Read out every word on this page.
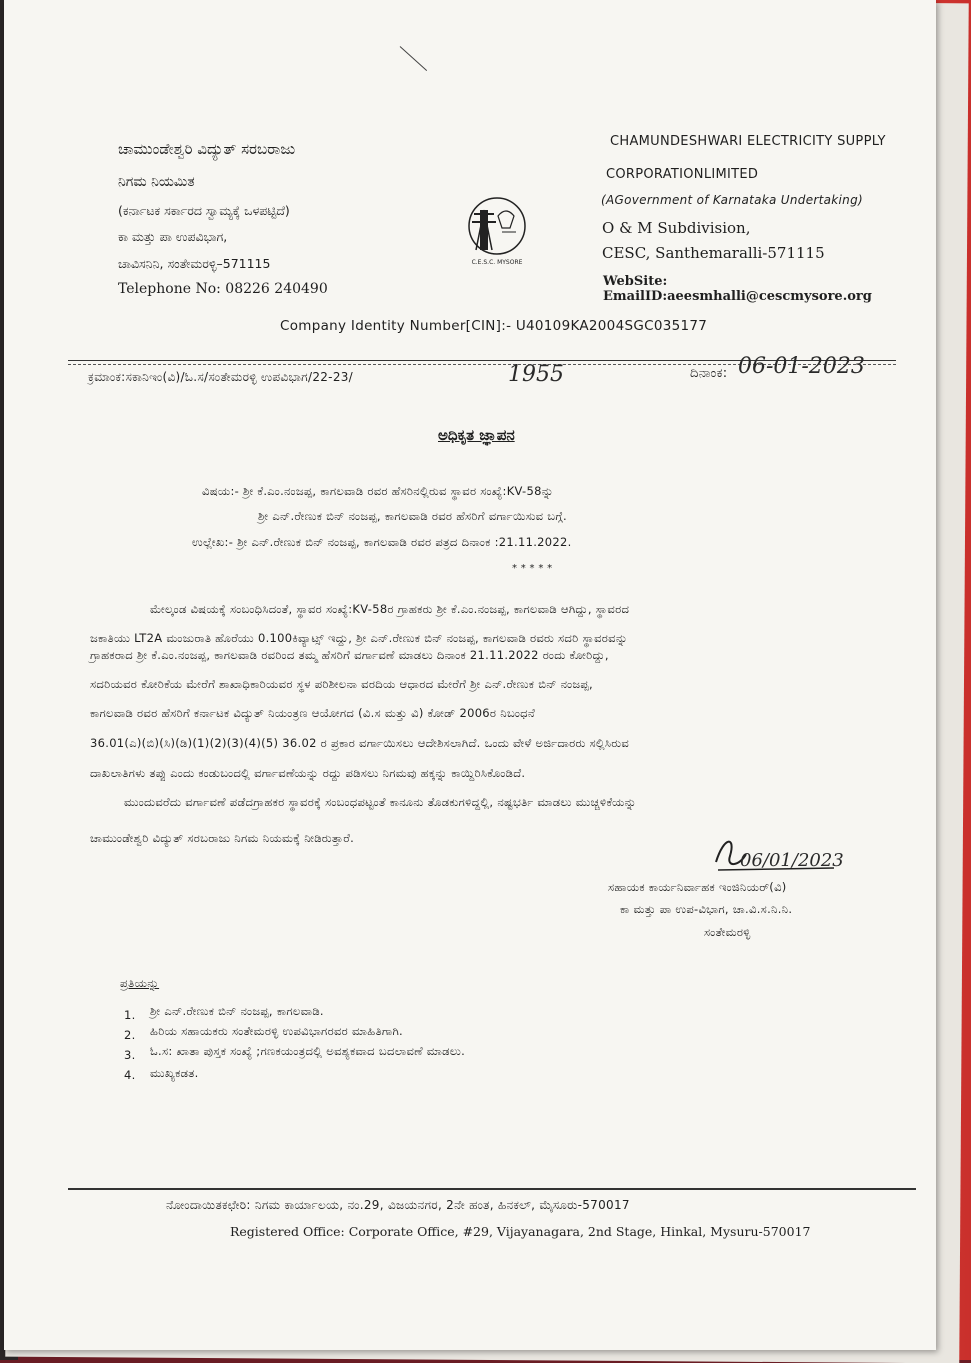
ಚಾಮುಂಡೇಶ್ವರಿ ವಿದ್ಯುತ್ ಸರಬರಾಜು
ನಿಗಮ ನಿಯಮಿತ
(ಕರ್ನಾಟಕ ಸರ್ಕಾರದ ಸ್ವಾಮ್ಯಕ್ಕೆ ಒಳಪಟ್ಟಿದೆ)
ಕಾ ಮತ್ತು ಪಾ ಉಪವಿಭಾಗ,
ಚಾವಿಸನಿನಿ, ಸಂತೇಮರಳ್ಳಿ–571115
Telephone No: 08226 240490
C.E.S.C. MYSORE
CHAMUNDESHWARI ELECTRICITY SUPPLY
CORPORATIONLIMITED
(AGovernment of Karnataka Undertaking)
O & M Subdivision,
CESC, Santhemaralli-571115
WebSite:
EmailID:aeesmhalli@cescmysore.org
Company Identity Number[CIN]:- U40109KA2004SGC035177
ಕ್ರಮಾಂಕ:ಸಕಾನಿಇಂ(ವಿ)/ಓ.ಸ/ಸಂತೇಮರಳ್ಳಿ ಉಪವಿಭಾಗ/22-23/	1955	ದಿನಾಂಕ: 06-01-2023
ಅಧಿಕೃತ ಜ್ಞಾಪನ
ವಿಷಯ:- ಶ್ರೀ ಕೆ.ಎಂ.ನಂಜಪ್ಪ, ಕಾಗಲವಾಡಿ ರವರ ಹೆಸರಿನಲ್ಲಿರುವ ಸ್ಥಾವರ ಸಂಖ್ಯೆ:KV-58ನ್ನು
ಶ್ರೀ ಎನ್.ರೇಣುಕ ಬಿನ್ ನಂಜಪ್ಪ, ಕಾಗಲವಾಡಿ ರವರ ಹೆಸರಿಗೆ ವರ್ಗಾಯಿಸುವ ಬಗ್ಗೆ.
ಉಲ್ಲೇಖ:- ಶ್ರೀ ಎನ್.ರೇಣುಕ ಬಿನ್ ನಂಜಪ್ಪ, ಕಾಗಲವಾಡಿ ರವರ ಪತ್ರದ ದಿನಾಂಕ :21.11.2022.
* * * * *
ಮೇಲ್ಕಂಡ ವಿಷಯಕ್ಕೆ ಸಂಬಂಧಿಸಿದಂತೆ, ಸ್ಥಾವರ ಸಂಖ್ಯೆ:KV-58ರ ಗ್ರಾಹಕರು ಶ್ರೀ ಕೆ.ಎಂ.ನಂಜಪ್ಪ, ಕಾಗಲವಾಡಿ ಆಗಿದ್ದು, ಸ್ಥಾವರದ
ಜಕಾತಿಯು LT2A ಮಂಜುರಾತಿ ಹೊರೆಯು 0.100ಕಿವ್ಯಾಟ್ಸ್ ಇದ್ದು, ಶ್ರೀ ಎನ್.ರೇಣುಕ ಬಿನ್ ನಂಜಪ್ಪ, ಕಾಗಲವಾಡಿ ರವರು ಸದರಿ ಸ್ಥಾವರವನ್ನು
ಗ್ರಾಹಕರಾದ ಶ್ರೀ ಕೆ.ಎಂ.ನಂಜಪ್ಪ, ಕಾಗಲವಾಡಿ ರವರಿಂದ ತಮ್ಮ ಹೆಸರಿಗೆ ವರ್ಗಾವಣೆ ಮಾಡಲು ದಿನಾಂಕ 21.11.2022 ರಂದು ಕೋರಿದ್ದು,
ಸದರಿಯವರ ಕೋರಿಕೆಯ ಮೇರೆಗೆ ಶಾಖಾಧಿಕಾರಿಯವರ ಸ್ಥಳ ಪರಿಶೀಲನಾ ವರದಿಯ ಆಧಾರದ ಮೇರೆಗೆ ಶ್ರೀ ಎನ್.ರೇಣುಕ ಬಿನ್ ನಂಜಪ್ಪ,
ಕಾಗಲವಾಡಿ ರವರ ಹೆಸರಿಗೆ ಕರ್ನಾಟಕ ವಿದ್ಯುತ್ ನಿಯಂತ್ರಣ ಆಯೋಗದ (ವಿ.ಸ ಮತ್ತು ವಿ) ಕೋಡ್ 2006ರ ನಿಬಂಧನೆ
36.01(ಎ)(ಬಿ)(ಸಿ)(ಡಿ)(1)(2)(3)(4)(5) 36.02 ರ ಪ್ರಕಾರ ವರ್ಗಾಯಿಸಲು ಆದೇಶಿಸಲಾಗಿದೆ. ಒಂದು ವೇಳೆ ಅರ್ಜಿದಾರರು ಸಲ್ಲಿಸಿರುವ
ದಾಖಲಾತಿಗಳು ತಪ್ಪು ಎಂದು ಕಂಡುಬಂದಲ್ಲಿ ವರ್ಗಾವಣೆಯನ್ನು ರದ್ದು ಪಡಿಸಲು ನಿಗಮವು ಹಕ್ಕನ್ನು ಕಾಯ್ದಿರಿಸಿಕೊಂಡಿದೆ.
ಮುಂದುವರೆದು ವರ್ಗಾವಣೆ ಪಡೆದಗ್ರಾಹಕರ ಸ್ಥಾವರಕ್ಕೆ ಸಂಬಂಧಪಟ್ಟಂತೆ ಕಾನೂನು ತೊಡಕುಗಳಿದ್ದಲ್ಲಿ, ನಷ್ಟಭರ್ತಿ ಮಾಡಲು ಮುಚ್ಚಳಿಕೆಯನ್ನು
ಚಾಮುಂಡೇಶ್ವರಿ ವಿದ್ಯುತ್ ಸರಬರಾಜು ನಿಗಮ ನಿಯಮಕ್ಕೆ ನೀಡಿರುತ್ತಾರೆ.
06/01/2023
ಸಹಾಯಕ ಕಾರ್ಯನಿರ್ವಾಹಕ ಇಂಜಿನಿಯರ್(ವಿ)
ಕಾ ಮತ್ತು ಪಾ ಉಪ-ವಿಭಾಗ, ಚಾ.ವಿ.ಸ.ನಿ.ನಿ.
ಸಂತೇಮರಳ್ಳಿ
ಪ್ರತಿಯನ್ನು
1. ಶ್ರೀ ಎನ್.ರೇಣುಕ ಬಿನ್ ನಂಜಪ್ಪ, ಕಾಗಲವಾಡಿ.
2. ಹಿರಿಯ ಸಹಾಯಕರು ಸಂತೇಮರಳ್ಳಿ ಉಪವಿಭಾಗರವರ ಮಾಹಿತಿಗಾಗಿ.
3. ಓ.ಸ: ಖಾತಾ ಪುಸ್ತಕ ಸಂಖ್ಯೆ ;ಗಣಕಯಂತ್ರದಲ್ಲಿ ಅವಶ್ಯಕವಾದ ಬದಲಾವಣೆ ಮಾಡಲು.
4. ಮುಖ್ಯಕಡತ.
ನೋಂದಾಯಿತಕಛೇರಿ: ನಿಗಮ ಕಾರ್ಯಾಲಯ, ನಂ.29, ವಿಜಯನಗರ, 2ನೇ ಹಂತ, ಹಿನಕಲ್, ಮೈಸೂರು-570017
Registered Office: Corporate Office, #29, Vijayanagara, 2nd Stage, Hinkal, Mysuru-570017
